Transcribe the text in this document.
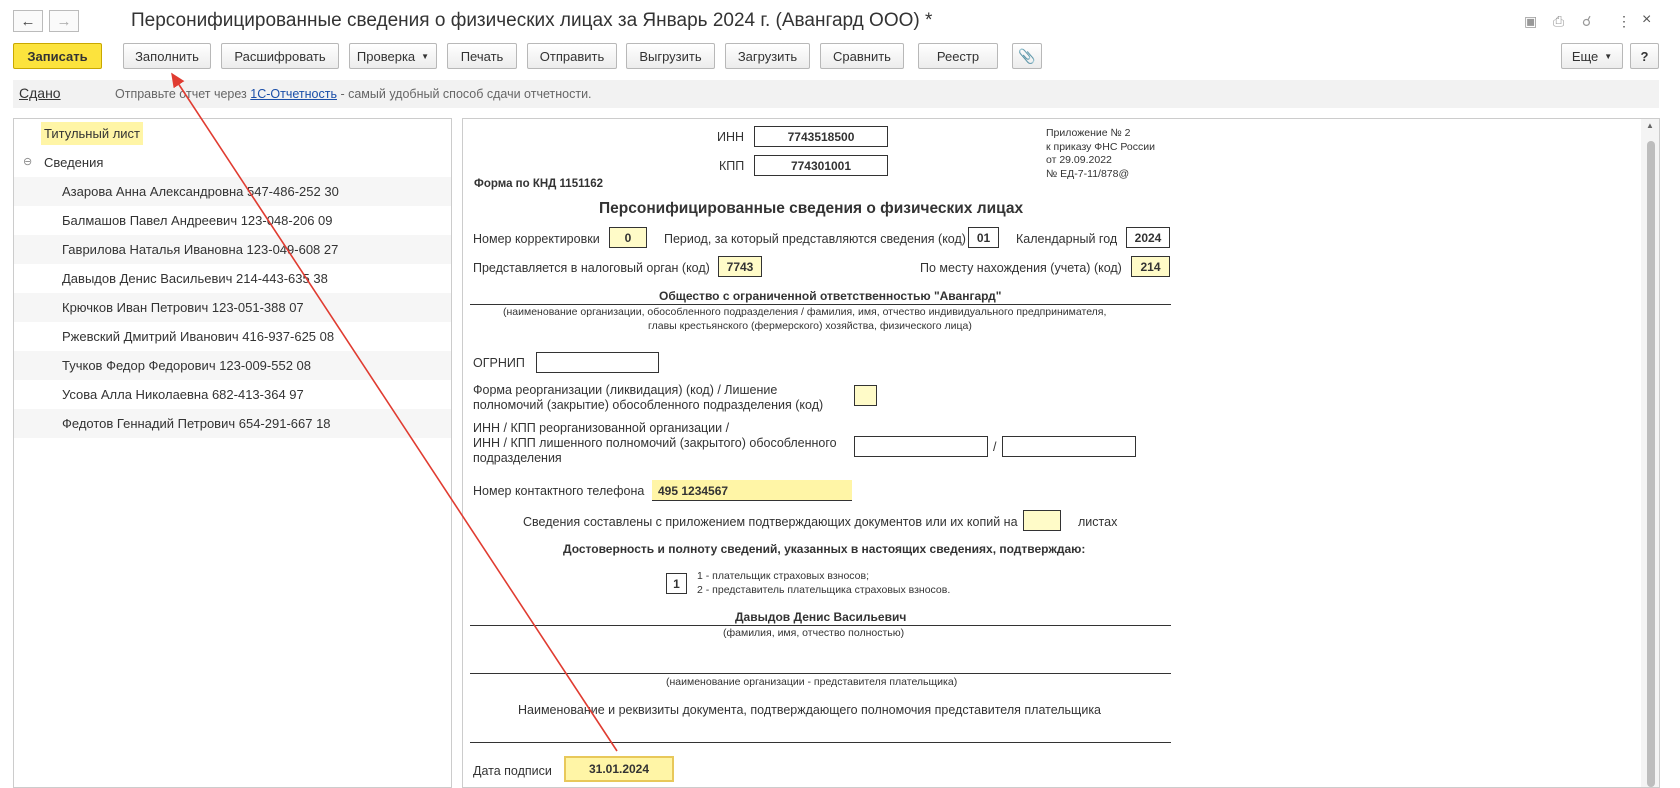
← →	Персонифицированные сведения о физических лицах за Январь 2024 г. (Авангард ООО) *	▣ ⎙ ☌ ⋮ ×
Записать	Заполнить	Расшифровать	Проверка ▼	Печать	Отправить	Выгрузить	Загрузить	Сравнить	Реестр	📎	Еще ▼	?
Сдано	Отправьте отчет через 1С-Отчетность - самый удобный способ сдачи отчетности.
Титульный лист
⊖ Сведения
Азарова Анна Александровна 547-486-252 30
Балмашов Павел Андреевич 123-048-206 09
Гаврилова Наталья Ивановна 123-049-608 27
Давыдов Денис Васильевич 214-443-635 38
Крючков Иван Петрович 123-051-388 07
Ржевский Дмитрий Иванович 416-937-625 08
Тучков Федор Федорович 123-009-552 08
Усова Алла Николаевна 682-413-364 97
Федотов Геннадий Петрович 654-291-667 18
ИНН	7743518500
КПП	774301001
Приложение № 2
к приказу ФНС России
от 29.09.2022
№ ЕД-7-11/878@
Форма по КНД 1151162
Персонифицированные сведения о физических лицах
Номер корректировки	0	Период, за который представляются сведения (код) 01	Календарный год	2024
Представляется в налоговый орган (код)	7743	По месту нахождения (учета) (код)	214
Общество с ограниченной ответственностью "Авангард"
(наименование организации, обособленного подразделения / фамилия, имя, отчество индивидуального предпринимателя,
главы крестьянского (фермерского) хозяйства, физического лица)
ОГРНИП
Форма реорганизации (ликвидация) (код) / Лишение
полномочий (закрытие) обособленного подразделения (код)
ИНН / КПП реорганизованной организации /
ИНН / КПП лишенного полномочий (закрытого) обособленного
подразделения
/
Номер контактного телефона 495 1234567
Сведения составлены с приложением подтверждающих документов или их копий на	листах
Достоверность и полноту сведений, указанных в настоящих сведениях, подтверждаю:
1
1 - плательщик страховых взносов;
2 - представитель плательщика страховых взносов.
Давыдов Денис Васильевич
(фамилия, имя, отчество полностью)
(наименование организации - представителя плательщика)
Наименование и реквизиты документа, подтверждающего полномочия представителя плательщика
Дата подписи	31.01.2024
▲
